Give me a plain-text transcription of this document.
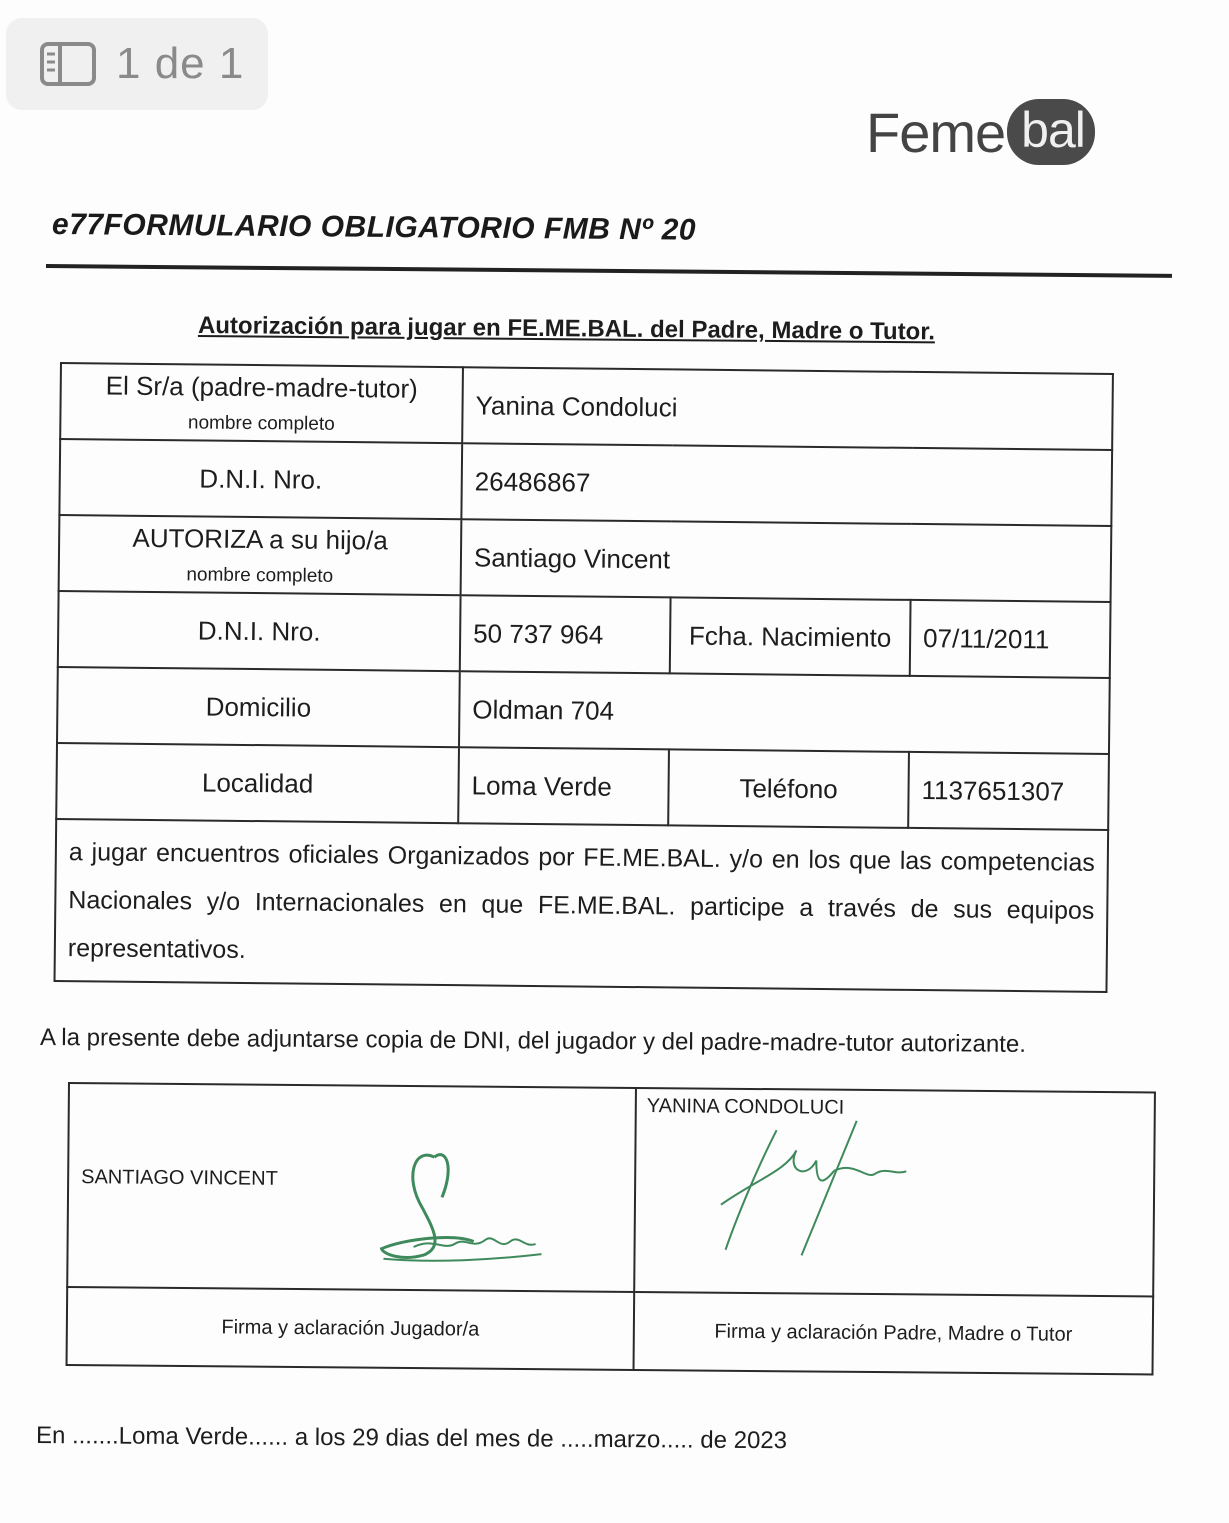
1 de 1
Feme bal
e77FORMULARIO OBLIGATORIO FMB Nº 20
Autorización para jugar en FE.ME.BAL. del Padre, Madre o Tutor.
El Sr/a (padre-madre-tutor)
nombre completo	Yanina Condoluci		
D.N.I. Nro.	26486867		
AUTORIZA a su hijo/a
nombre completo	Santiago Vincent		
D.N.I. Nro.	50 737 964	Fcha. Nacimiento	07/11/2011
Domicilio	Oldman 704		
Localidad	Loma Verde	Teléfono	1137651307
a jugar encuentros oficiales Organizados por FE.ME.BAL. y/o en los que las competencias Nacionales y/o Internacionales en que FE.ME.BAL. participe a través de sus equipos representativos.			
A la presente debe adjuntarse copia de DNI, del jugador y del padre-madre-tutor autorizante.
SANTIAGO VINCENT	YANINA CONDOLUCI

Firma y aclaración Jugador/a	Firma y aclaración Padre, Madre o Tutor
En .......Loma Verde...... a los 29 dias del mes de .....marzo..... de 2023
